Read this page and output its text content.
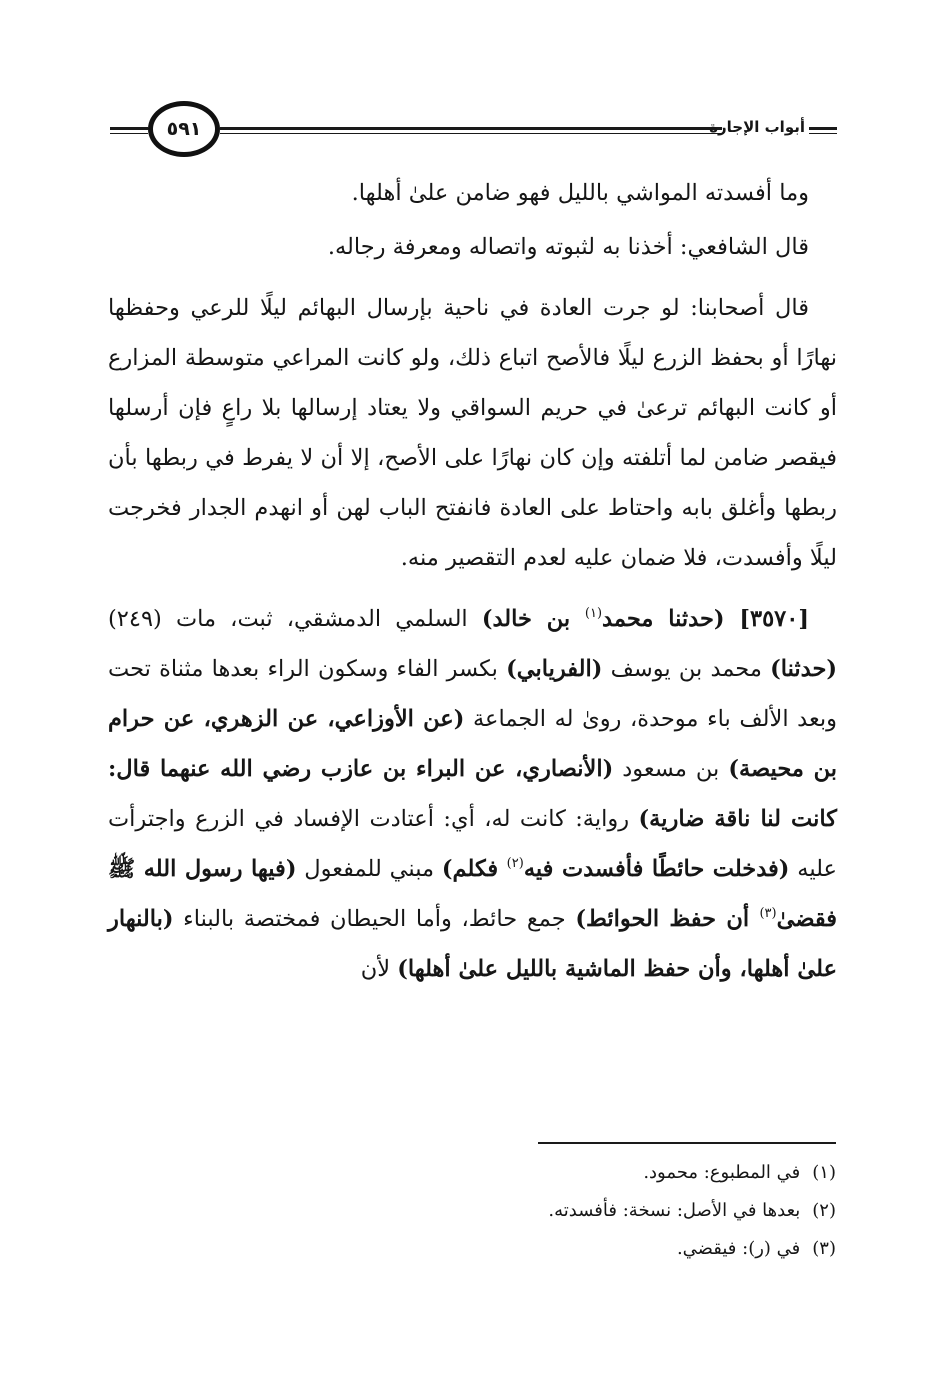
٥٩١	أبواب الإجارة

وما أفسدته المواشي بالليل فهو ضامن علىٰ أهلها.

قال الشافعي: أخذنا به لثبوته واتصاله ومعرفة رجاله.

قال أصحابنا: لو جرت العادة في ناحية بإرسال البهائم ليلًا للرعي وحفظها نهارًا أو بحفظ الزرع ليلًا فالأصح اتباع ذلك، ولو كانت المراعي متوسطة المزارع أو كانت البهائم ترعىٰ في حريم السواقي ولا يعتاد إرسالها بلا راعٍ فإن أرسلها فيقصر ضامن لما أتلفته وإن كان نهارًا على الأصح، إلا أن لا يفرط في ربطها بأن ربطها وأغلق بابه واحتاط على العادة فانفتح الباب لهن أو انهدم الجدار فخرجت ليلًا وأفسدت، فلا ضمان عليه لعدم التقصير منه.

[٣٥٧٠] (حدثنا محمد$^{(١)}$ بن خالد) السلمي الدمشقي، ثبت، مات (٢٤٩) (حدثنا) محمد بن يوسف (الفريابي) بكسر الفاء وسكون الراء بعدها مثناة تحت وبعد الألف باء موحدة، روىٰ له الجماعة (عن الأوزاعي، عن الزهري، عن حرام بن محيصة) بن مسعود (الأنصاري، عن البراء بن عازب رضي الله عنهما قال: كانت لنا ناقة ضارية) رواية: كانت له، أي: أعتادت الإفساد في الزرع واجترأت عليه (فدخلت حائطًا فأفسدت فيه$^{(٢)}$ فكلم) مبني للمفعول (فيها رسول الله ﷺ فقضىٰ$^{(٣)}$ أن حفظ الحوائط) جمع حائط، وأما الحيطان فمختصة بالبناء (بالنهار علىٰ أهلها، وأن حفظ الماشية بالليل علىٰ أهلها) لأن

(١)في المطبوع: محمود.

(٢)بعدها في الأصل: نسخة: فأفسدته.

(٣)في (ر): فيقضي.
